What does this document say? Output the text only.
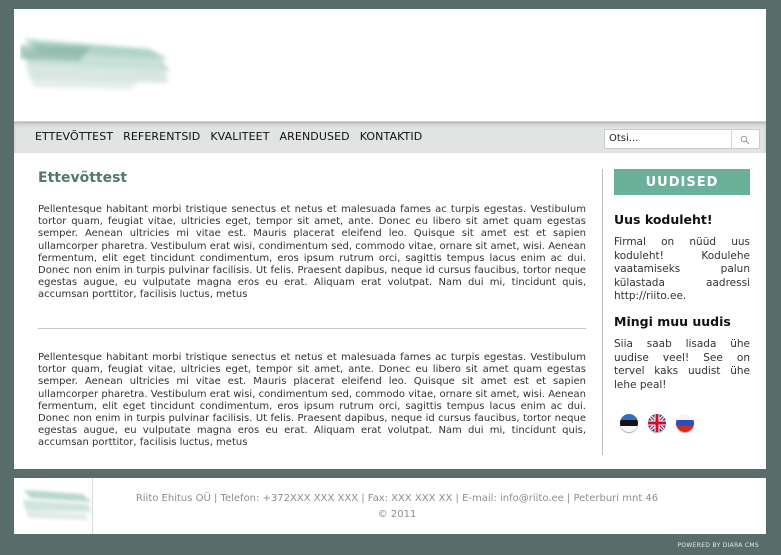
ETTEVÕTTEST REFERENTSID KVALITEET ARENDUSED KONTAKTID
Otsi...
Ettevõttest

Pellentesque habitant morbi tristique senectus et netus et malesuada fames ac turpis egestas. Vestibulum tortor quam, feugiat vitae, ultricies eget, tempor sit amet, ante. Donec eu libero sit amet quam egestas semper. Aenean ultricies mi vitae est. Mauris placerat eleifend leo. Quisque sit amet est et sapien ullamcorper pharetra. Vestibulum erat wisi, condimentum sed, commodo vitae, ornare sit amet, wisi. Aenean fermentum, elit eget tincidunt condimentum, eros ipsum rutrum orci, sagittis tempus lacus enim ac dui. Donec non enim in turpis pulvinar facilisis. Ut felis. Praesent dapibus, neque id cursus faucibus, tortor neque egestas augue, eu vulputate magna eros eu erat. Aliquam erat volutpat. Nam dui mi, tincidunt quis, accumsan porttitor, facilisis luctus, metus

Pellentesque habitant morbi tristique senectus et netus et malesuada fames ac turpis egestas. Vestibulum tortor quam, feugiat vitae, ultricies eget, tempor sit amet, ante. Donec eu libero sit amet quam egestas semper. Aenean ultricies mi vitae est. Mauris placerat eleifend leo. Quisque sit amet est et sapien ullamcorper pharetra. Vestibulum erat wisi, condimentum sed, commodo vitae, ornare sit amet, wisi. Aenean fermentum, elit eget tincidunt condimentum, eros ipsum rutrum orci, sagittis tempus lacus enim ac dui. Donec non enim in turpis pulvinar facilisis. Ut felis. Praesent dapibus, neque id cursus faucibus, tortor neque egestas augue, eu vulputate magna eros eu erat. Aliquam erat volutpat. Nam dui mi, tincidunt quis, accumsan porttitor, facilisis luctus, metus

UUDISED
Uus koduleht!

Firmal on nüüd uus koduleht! Kodulehe vaatamiseks palun külastada aadressi http://riito.ee.

Mingi muu uudis

Siia saab lisada ühe uudise veel! See on tervel kaks uudist ühe lehe peal!

Riito Ehitus OÜ | Telefon: +372XXX XXX XXX | Fax: XXX XXX XX | E-mail: info@riito.ee | Peterburi mnt 46
© 2011
POWERED BY DIARA CMS
